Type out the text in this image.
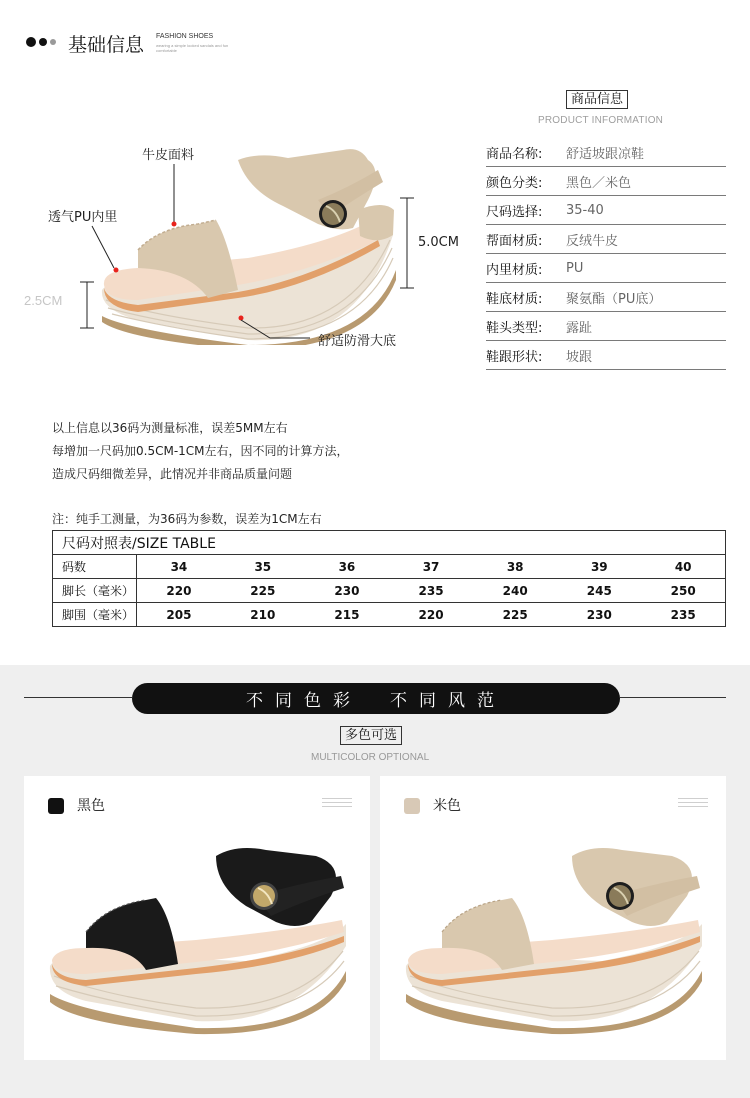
基础信息 FASHION SHOES
wearing a simple looked sandals and fun comfortable
牛皮面料
透气PU内里
舒适防滑大底
5.0CM
2.5CM
商品信息
PRODUCT INFORMATION
商品名称:	舒适坡跟凉鞋
颜色分类:	黑色／米色
尺码选择:	35-40
帮面材质:	反绒牛皮
内里材质:	PU
鞋底材质:	聚氨酯（PU底）
鞋头类型:	露趾
鞋跟形状:	坡跟
以上信息以36码为测量标准，误差5MM左右
每增加一尺码加0.5CM-1CM左右，因不同的计算方法，
造成尺码细微差异，此情况并非商品质量问题
注：纯手工测量，为36码为参数，误差为1CM左右
尺码对照表/SIZE TABLE							
码数	34	35	36	37	38	39	40
脚长（毫米）	220	225	230	235	240	245	250
脚围（毫米）	205	210	215	220	225	230	235
不同色彩 不同风范
多色可选
MULTICOLOR OPTIONAL
黑色	米色
